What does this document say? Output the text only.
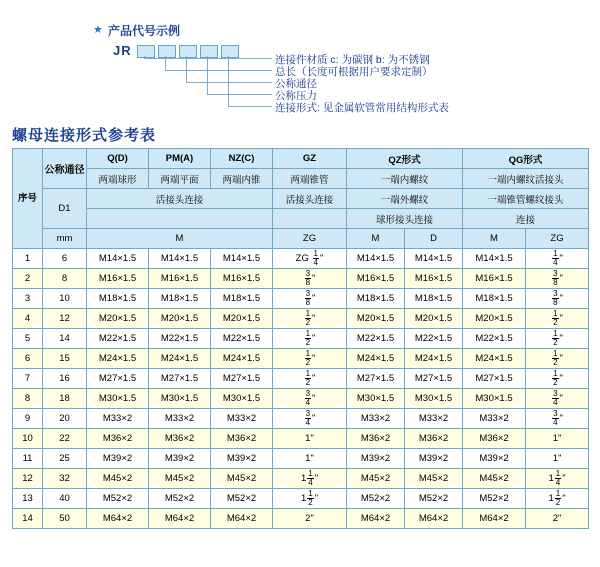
★ 产品代号示例
JR
连接件材质 c: 为碳钢 b: 为不锈钢
总长（长度可根据用户要求定制）
公称通径
公称压力
连接形式: 见金属软管常用结构形式表
螺母连接形式参考表
序号	公称通径	Q(D)	PM(A)	NZ(C)	GZ	QZ形式		QG形式	
		两端球形	两端平面	两端内锥	两端锥管	一端内螺纹		一端内螺纹活接头	
	D1	活接头连接			活接头连接	一端外螺纹		一端锥管螺纹接头	
						球形接头连接		连接	
	mm	M			ZG	M	D	M	ZG
1	6	M14×1.5	M14×1.5	M14×1.5	ZG $\frac{1}{4}$ "	M14×1.5	M14×1.5	M14×1.5	$\frac{1}{4}$ "
2	8	M16×1.5	M16×1.5	M16×1.5	$\frac{3}{8}$ "	M16×1.5	M16×1.5	M16×1.5	$\frac{3}{8}$ "
3	10	M18×1.5	M18×1.5	M18×1.5	$\frac{3}{8}$ "	M18×1.5	M18×1.5	M18×1.5	$\frac{3}{8}$ "
4	12	M20×1.5	M20×1.5	M20×1.5	$\frac{1}{2}$ "	M20×1.5	M20×1.5	M20×1.5	$\frac{1}{2}$ "
5	14	M22×1.5	M22×1.5	M22×1.5	$\frac{1}{2}$ "	M22×1.5	M22×1.5	M22×1.5	$\frac{1}{2}$ "
6	15	M24×1.5	M24×1.5	M24×1.5	$\frac{1}{2}$ "	M24×1.5	M24×1.5	M24×1.5	$\frac{1}{2}$ "
7	16	M27×1.5	M27×1.5	M27×1.5	$\frac{1}{2}$ "	M27×1.5	M27×1.5	M27×1.5	$\frac{1}{2}$ "
8	18	M30×1.5	M30×1.5	M30×1.5	$\frac{3}{4}$ "	M30×1.5	M30×1.5	M30×1.5	$\frac{3}{4}$ "
9	20	M33×2	M33×2	M33×2	$\frac{3}{4}$ "	M33×2	M33×2	M33×2	$\frac{3}{4}$ "
10	22	M36×2	M36×2	M36×2	1"	M36×2	M36×2	M36×2	1"
11	25	M39×2	M39×2	M39×2	1"	M39×2	M39×2	M39×2	1"
12	32	M45×2	M45×2	M45×2	$1 \frac{1}{4}$ "	M45×2	M45×2	M45×2	$1 \frac{1}{4}$ "
13	40	M52×2	M52×2	M52×2	$1 \frac{1}{2}$ "	M52×2	M52×2	M52×2	$1 \frac{1}{2}$ "
14	50	M64×2	M64×2	M64×2	2"	M64×2	M64×2	M64×2	2"
